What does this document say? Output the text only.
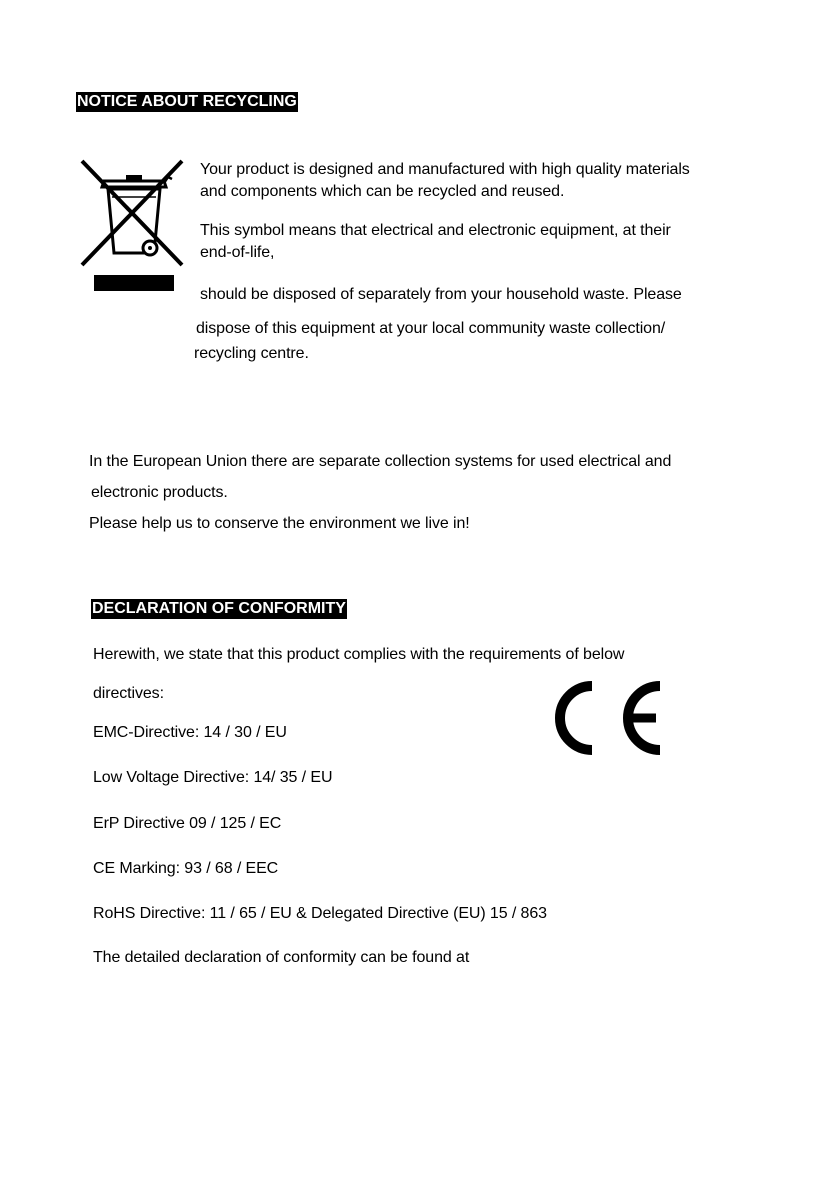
NOTICE ABOUT RECYCLING
Your product is designed and manufactured with high quality materials
and components which can be recycled and reused.
This symbol means that electrical and electronic equipment, at their
end-of-life,
should be disposed of separately from your household waste. Please
dispose of this equipment at your local community waste collection/
recycling centre.
In the European Union there are separate collection systems for used electrical and
electronic products.
Please help us to conserve the environment we live in!
DECLARATION OF CONFORMITY
Herewith, we state that this product complies with the requirements of below
directives:
EMC-Directive: 14 / 30 / EU
Low Voltage Directive: 14/ 35 / EU
ErP Directive 09 / 125 / EC
CE Marking: 93 / 68 / EEC
RoHS Directive: 11 / 65 / EU & Delegated Directive (EU) 15 / 863
The detailed declaration of conformity can be found at
